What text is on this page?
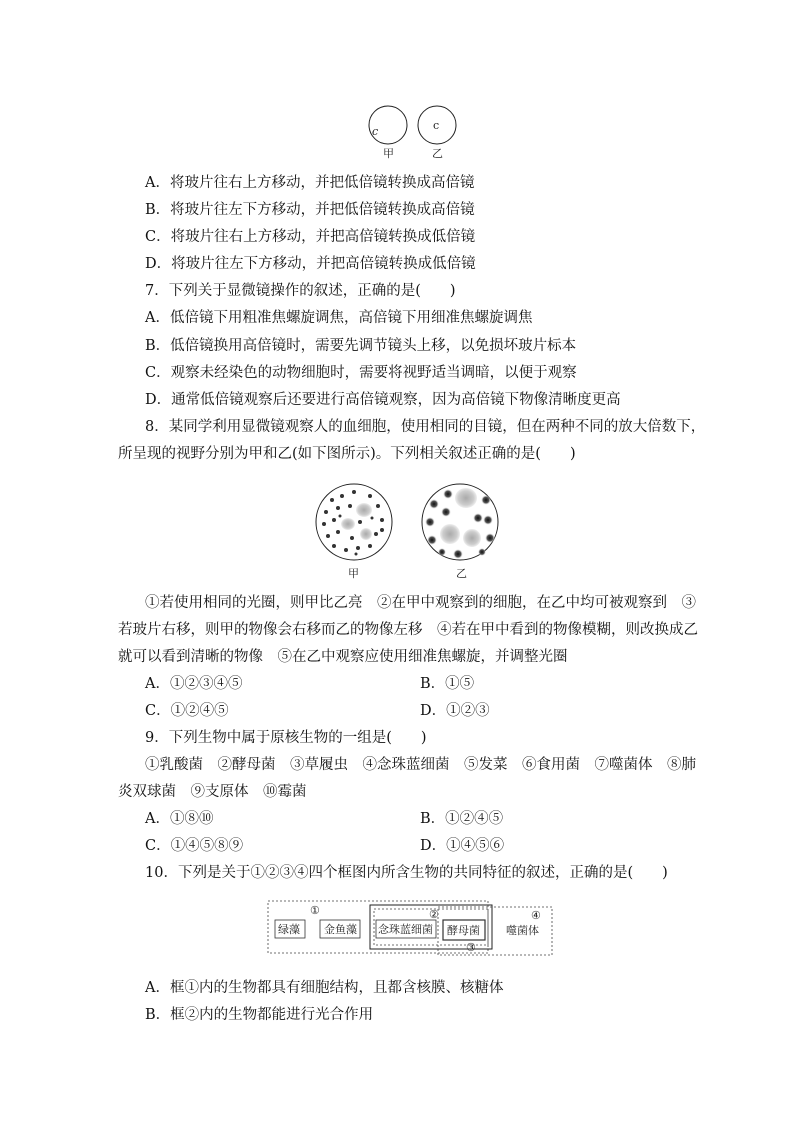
c	c
甲	乙
A．将玻片往右上方移动，并把低倍镜转换成高倍镜
B．将玻片往左下方移动，并把低倍镜转换成高倍镜
C．将玻片往右上方移动，并把高倍镜转换成低倍镜
D．将玻片往左下方移动，并把高倍镜转换成低倍镜
7．下列关于显微镜操作的叙述，正确的是(　　)
A．低倍镜下用粗准焦螺旋调焦，高倍镜下用细准焦螺旋调焦
B．低倍镜换用高倍镜时，需要先调节镜头上移，以免损坏玻片标本
C．观察未经染色的动物细胞时，需要将视野适当调暗，以便于观察
D．通常低倍镜观察后还要进行高倍镜观察，因为高倍镜下物像清晰度更高
8．某同学利用显微镜观察人的血细胞，使用相同的目镜，但在两种不同的放大倍数下，
所呈现的视野分别为甲和乙(如下图所示)。下列相关叙述正确的是(　　)
甲	乙
①若使用相同的光圈，则甲比乙亮　②在甲中观察到的细胞，在乙中均可被观察到　③
若玻片右移，则甲的物像会右移而乙的物像左移　④若在甲中看到的物像模糊，则改换成乙
就可以看到清晰的物像　⑤在乙中观察应使用细准焦螺旋，并调整光圈
A．①②③④⑤	B．①⑤
C．①②④⑤	D．①②③
9．下列生物中属于原核生物的一组是(　　)
①乳酸菌　②酵母菌　③草履虫　④念珠蓝细菌　⑤发菜　⑥食用菌　⑦噬菌体　⑧肺
炎双球菌　⑨支原体　⑩霉菌
A．①⑧⑩	B．①②④⑤
C．①④⑤⑧⑨	D．①④⑤⑥
10．下列是关于①②③④四个框图内所含生物的共同特征的叙述，正确的是(　　)
绿藻 金鱼藻 念珠蓝细菌 酵母菌 噬菌体
①	②
③
④
A．框①内的生物都具有细胞结构，且都含核膜、核糖体
B．框②内的生物都能进行光合作用
